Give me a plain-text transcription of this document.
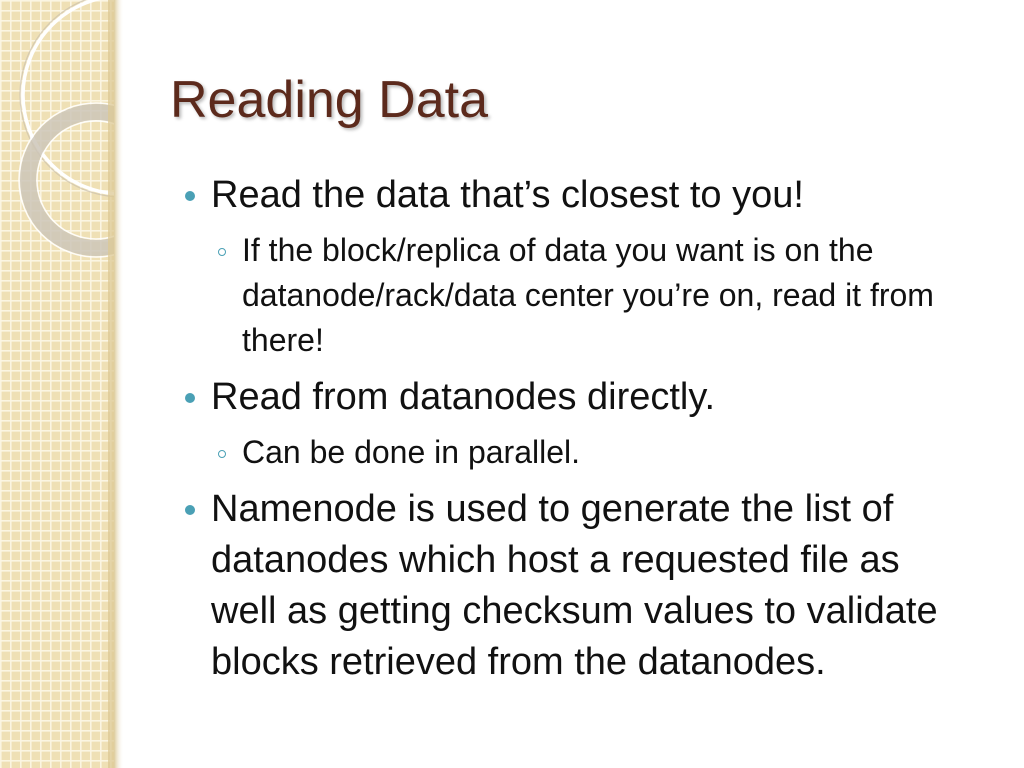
Reading Data
Read the data that’s closest to you!
If the block/replica of data you want is on the datanode/rack/data center you’re on, read it from there!
Read from datanodes directly.
Can be done in parallel.
Namenode is used to generate the list of datanodes which host a requested file as well as getting checksum values to validate blocks retrieved from the datanodes.
